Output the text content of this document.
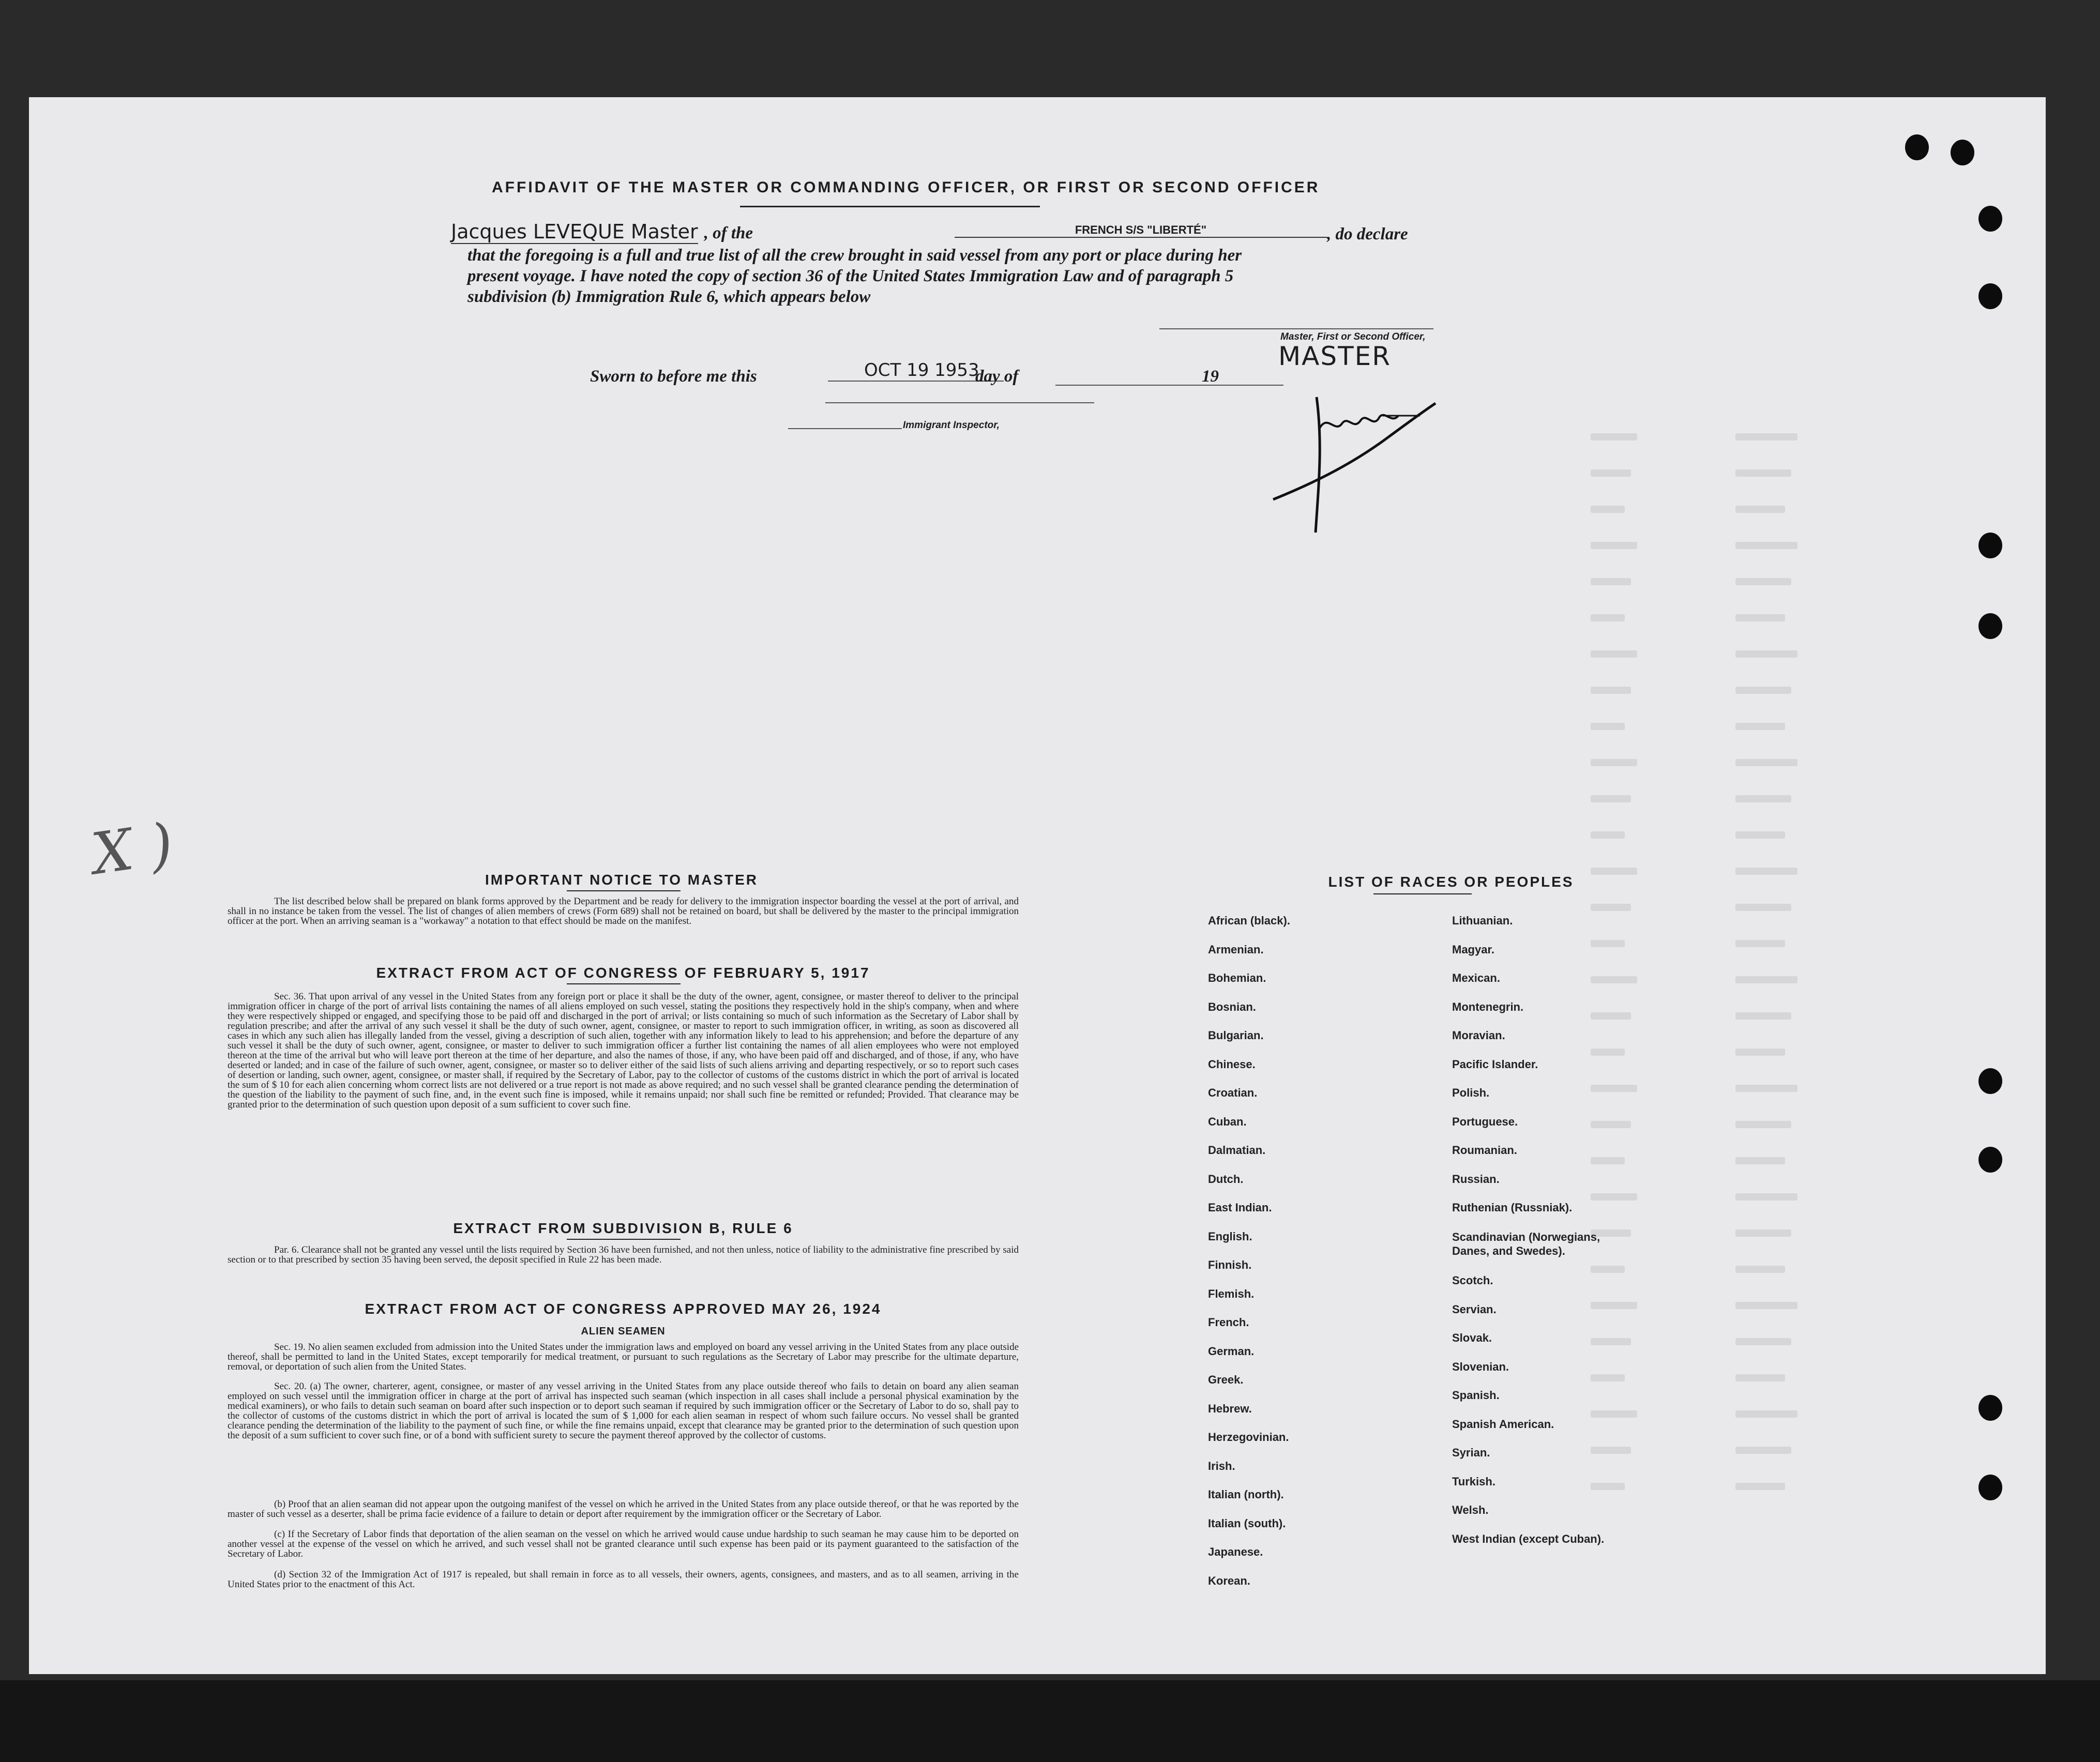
AFFIDAVIT OF THE MASTER OR COMMANDING OFFICER, OR FIRST OR SECOND OFFICER
Jacques LEVEQUE Master , of the	FRENCH S/S "LIBERTÉ"	, do declare
that the foregoing is a full and true list of all the crew brought in said vessel from any port or place during her
present voyage. I have noted the copy of section 36 of the United States Immigration Law and of paragraph 5
subdivision (b) Immigration Rule 6, which appears below
Master, First or Second Officer,
MASTER
Sworn to before me this	OCT 19 1953
day of	19
Immigrant Inspector,
X )	IMPORTANT NOTICE TO MASTER
The list described below shall be prepared on blank forms approved by the Department and be ready for delivery to the immigration inspector boarding the vessel at the port of arrival, and shall in no instance be taken from the vessel. The list of changes of alien members of crews (Form 689) shall not be retained on board, but shall be delivered by the master to the principal immigration officer at the port. When an arriving seaman is a "workaway" a notation to that effect should be made on the manifest.
EXTRACT FROM ACT OF CONGRESS OF FEBRUARY 5, 1917
Sec. 36. That upon arrival of any vessel in the United States from any foreign port or place it shall be the duty of the owner, agent, consignee, or master thereof to deliver to the principal immigration officer in charge of the port of arrival lists containing the names of all aliens employed on such vessel, stating the positions they respectively hold in the ship's company, when and where they were respectively shipped or engaged, and specifying those to be paid off and discharged in the port of arrival; or lists containing so much of such information as the Secretary of Labor shall by regulation prescribe; and after the arrival of any such vessel it shall be the duty of such owner, agent, consignee, or master to report to such immigration officer, in writing, as soon as discovered all cases in which any such alien has illegally landed from the vessel, giving a description of such alien, together with any information likely to lead to his apprehension; and before the departure of any such vessel it shall be the duty of such owner, agent, consignee, or master to deliver to such immigration officer a further list containing the names of all alien employees who were not employed thereon at the time of the arrival but who will leave port thereon at the time of her departure, and also the names of those, if any, who have been paid off and discharged, and of those, if any, who have deserted or landed; and in case of the failure of such owner, agent, consignee, or master so to deliver either of the said lists of such aliens arriving and departing respectively, or so to report such cases of desertion or landing, such owner, agent, consignee, or master shall, if required by the Secretary of Labor, pay to the collector of customs of the customs district in which the port of arrival is located the sum of $ 10 for each alien concerning whom correct lists are not delivered or a true report is not made as above required; and no such vessel shall be granted clearance pending the determination of the question of the liability to the payment of such fine, and, in the event such fine is imposed, while it remains unpaid; nor shall such fine be remitted or refunded; Provided. That clearance may be granted prior to the determination of such question upon deposit of a sum sufficient to cover such fine.
EXTRACT FROM SUBDIVISION B, RULE 6
Par. 6. Clearance shall not be granted any vessel until the lists required by Section 36 have been furnished, and not then unless, notice of liability to the administrative fine prescribed by said section or to that prescribed by section 35 having been served, the deposit specified in Rule 22 has been made.
EXTRACT FROM ACT OF CONGRESS APPROVED MAY 26, 1924
ALIEN SEAMEN
Sec. 19. No alien seamen excluded from admission into the United States under the immigration laws and employed on board any vessel arriving in the United States from any place outside thereof, shall be permitted to land in the United States, except temporarily for medical treatment, or pursuant to such regulations as the Secretary of Labor may prescribe for the ultimate departure, removal, or deportation of such alien from the United States.
Sec. 20. (a) The owner, charterer, agent, consignee, or master of any vessel arriving in the United States from any place outside thereof who fails to detain on board any alien seaman employed on such vessel until the immigration officer in charge at the port of arrival has inspected such seaman (which inspection in all cases shall include a personal physical examination by the medical examiners), or who fails to detain such seaman on board after such inspection or to deport such seaman if required by such immigration officer or the Secretary of Labor to do so, shall pay to the collector of customs of the customs district in which the port of arrival is located the sum of $ 1,000 for each alien seaman in respect of whom such failure occurs. No vessel shall be granted clearance pending the determination of the liability to the payment of such fine, or while the fine remains unpaid, except that clearance may be granted prior to the determination of such question upon the deposit of a sum sufficient to cover such fine, or of a bond with sufficient surety to secure the payment thereof approved by the collector of customs.
(b) Proof that an alien seaman did not appear upon the outgoing manifest of the vessel on which he arrived in the United States from any place outside thereof, or that he was reported by the master of such vessel as a deserter, shall be prima facie evidence of a failure to detain or deport after requirement by the immigration officer or the Secretary of Labor.
(c) If the Secretary of Labor finds that deportation of the alien seaman on the vessel on which he arrived would cause undue hardship to such seaman he may cause him to be deported on another vessel at the expense of the vessel on which he arrived, and such vessel shall not be granted clearance until such expense has been paid or its payment guaranteed to the satisfaction of the Secretary of Labor.
(d) Section 32 of the Immigration Act of 1917 is repealed, but shall remain in force as to all vessels, their owners, agents, consignees, and masters, and as to all seamen, arriving in the United States prior to the enactment of this Act.
LIST OF RACES OR PEOPLES
African (black).
Armenian.
Bohemian.
Bosnian.
Bulgarian.
Chinese.
Croatian.
Cuban.
Dalmatian.
Dutch.
East Indian.
English.
Finnish.
Flemish.
French.
German.
Greek.
Hebrew.
Herzegovinian.
Irish.
Italian (north).
Italian (south).
Japanese.
Korean.
Lithuanian.
Magyar.
Mexican.
Montenegrin.
Moravian.
Pacific Islander.
Polish.
Portuguese.
Roumanian.
Russian.
Ruthenian (Russniak).
Scandinavian (Norwegians, Danes, and Swedes).
Scotch.
Servian.
Slovak.
Slovenian.
Spanish.
Spanish American.
Syrian.
Turkish.
Welsh.
West Indian (except Cuban).
